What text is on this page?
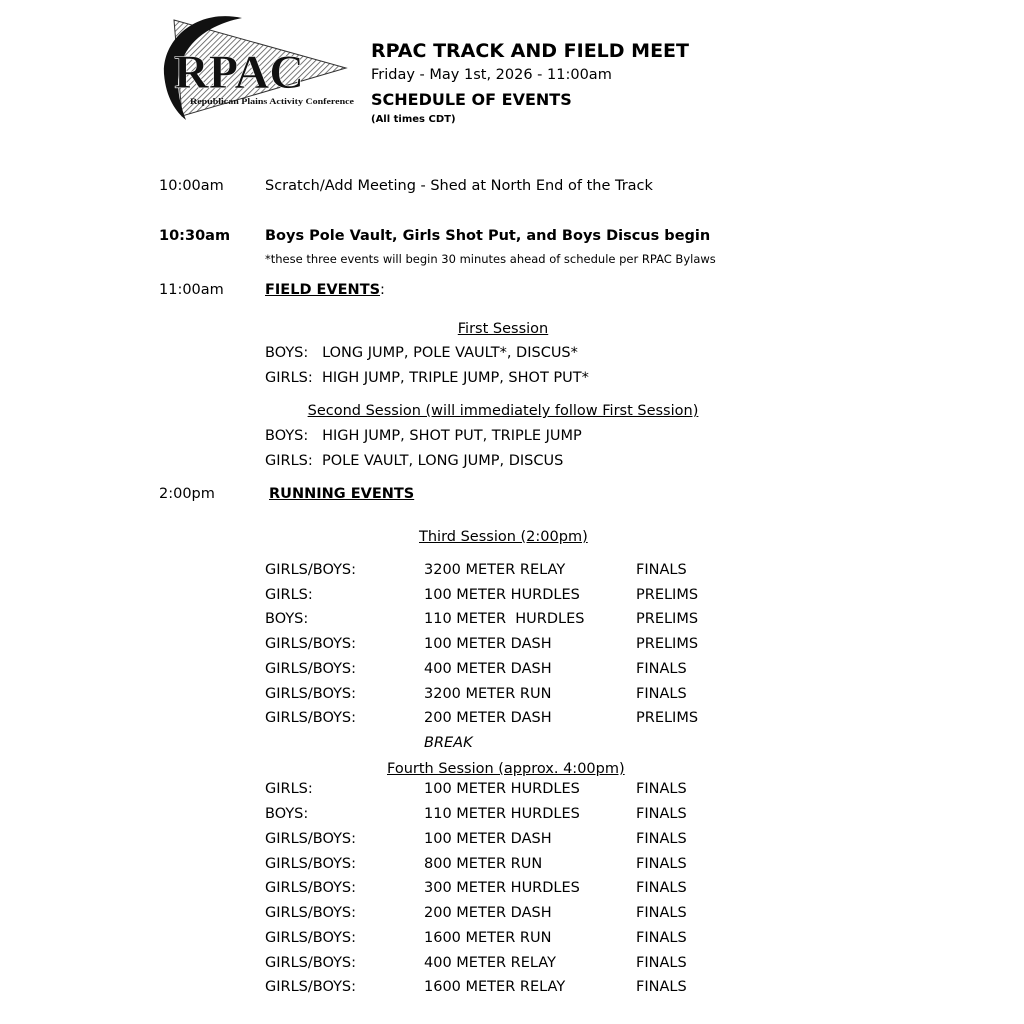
RPAC
Republican Plains Activity Conference
RPAC TRACK AND FIELD MEET
Friday - May 1st, 2026 - 11:00am
SCHEDULE OF EVENTS
(All times CDT)
10:00am	Scratch/Add Meeting - Shed at North End of the Track
10:30am Boys Pole Vault, Girls Shot Put, and Boys Discus begin
*these three events will begin 30 minutes ahead of schedule per RPAC Bylaws
11:00am	FIELD EVENTS:
First Session
BOYS:   LONG JUMP, POLE VAULT*, DISCUS*
GIRLS:  HIGH JUMP, TRIPLE JUMP, SHOT PUT*
Second Session (will immediately follow First Session)
BOYS:   HIGH JUMP, SHOT PUT, TRIPLE JUMP
GIRLS:  POLE VAULT, LONG JUMP, DISCUS
2:00pm	RUNNING EVENTS
Third Session (2:00pm)
GIRLS/BOYS:	3200 METER RELAY	FINALS
GIRLS:	100 METER HURDLES	PRELIMS
BOYS:	110 METER  HURDLES	PRELIMS
GIRLS/BOYS:	100 METER DASH	PRELIMS
GIRLS/BOYS:	400 METER DASH	FINALS
GIRLS/BOYS:	3200 METER RUN	FINALS
GIRLS/BOYS:	200 METER DASH	PRELIMS
BREAK
Fourth Session (approx. 4:00pm)
GIRLS:	100 METER HURDLES	FINALS
BOYS:	110 METER HURDLES	FINALS
GIRLS/BOYS:	100 METER DASH	FINALS
GIRLS/BOYS:	800 METER RUN	FINALS
GIRLS/BOYS:	300 METER HURDLES	FINALS
GIRLS/BOYS:	200 METER DASH	FINALS
GIRLS/BOYS:	1600 METER RUN	FINALS
GIRLS/BOYS:	400 METER RELAY	FINALS
GIRLS/BOYS:	1600 METER RELAY	FINALS
